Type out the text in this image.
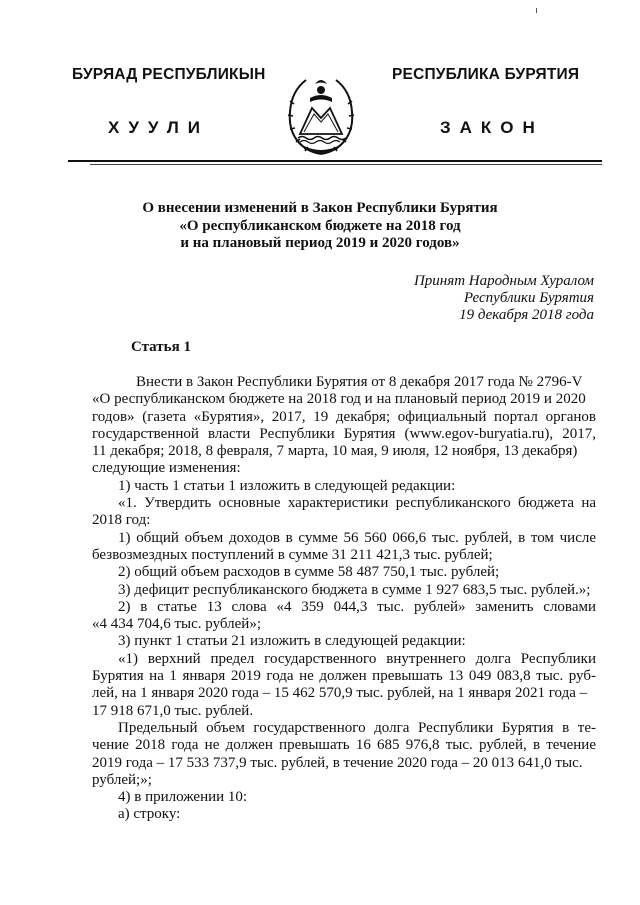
БУРЯАД РЕСПУБЛИКЫН	РЕСПУБЛИКА БУРЯТИЯ
ХУУЛИ	ЗАКОН
О внесении изменений в Закон Республики Бурятия
«О республиканском бюджете на 2018 год
и на плановый период 2019 и 2020 годов»
Принят Народным Хуралом
Республики Бурятия
19 декабря 2018 года
Статья 1
Внести в Закон Республики Бурятия от 8 декабря 2017 года № 2796-V
«О республиканском бюджете на 2018 год и на плановый период 2019 и 2020
годов» (газета «Бурятия», 2017, 19 декабря; официальный портал органов
государственной власти Республики Бурятия (www.egov-buryatia.ru), 2017,
11 декабря; 2018, 8 февраля, 7 марта, 10 мая, 9 июля, 12 ноября, 13 декабря)
следующие изменения:
1) часть 1 статьи 1 изложить в следующей редакции:
«1. Утвердить основные характеристики республиканского бюджета на
2018 год:
1) общий объем доходов в сумме 56 560 066,6 тыс. рублей, в том числе
безвозмездных поступлений в сумме 31 211 421,3 тыс. рублей;
2) общий объем расходов в сумме 58 487 750,1 тыс. рублей;
3) дефицит республиканского бюджета в сумме 1 927 683,5 тыс. рублей.»;
2) в статье 13 слова «4 359 044,3 тыс. рублей» заменить словами
«4 434 704,6 тыс. рублей»;
3) пункт 1 статьи 21 изложить в следующей редакции:
«1) верхний предел государственного внутреннего долга Республики
Бурятия на 1 января 2019 года не должен превышать 13 049 083,8 тыс. руб-
лей, на 1 января 2020 года – 15 462 570,9 тыс. рублей, на 1 января 2021 года –
17 918 671,0 тыс. рублей.
Предельный объем государственного долга Республики Бурятия в те-
чение 2018 года не должен превышать 16 685 976,8 тыс. рублей, в течение
2019 года – 17 533 737,9 тыс. рублей, в течение 2020 года – 20 013 641,0 тыс.
рублей;»;
4) в приложении 10:
а) строку:
